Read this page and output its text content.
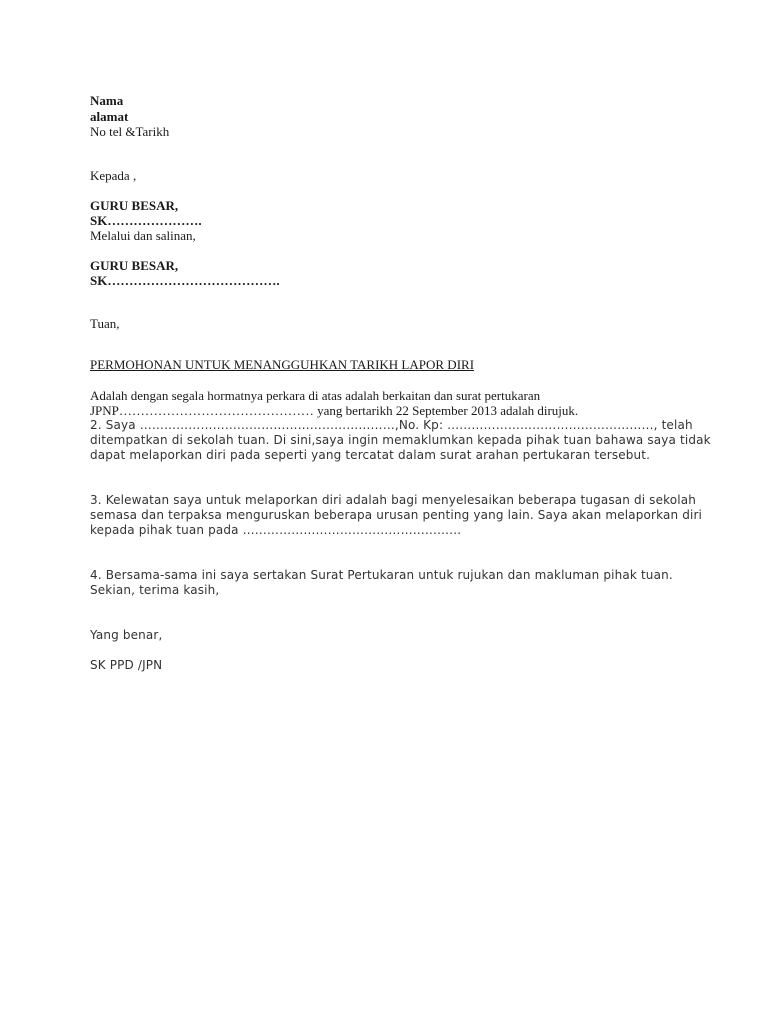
Nama
alamat
No tel &Tarikh
Kepada ,
GURU BESAR,
SK………………….
Melalui dan salinan,
GURU BESAR,
SK………………………………….
Tuan,
PERMOHONAN UNTUK MENANGGUHKAN TARIKH LAPOR DIRI
Adalah dengan segala hormatnya perkara di atas adalah berkaitan dan surat pertukaran
JPNP……………………………………… yang bertarikh 22 September 2013 adalah dirujuk.
2. Saya ………………………………………………………,No. Kp: ……………………………………………, telah
ditempatkan di sekolah tuan. Di sini,saya ingin memaklumkan kepada pihak tuan bahawa saya tidak
dapat melaporkan diri pada seperti yang tercatat dalam surat arahan pertukaran tersebut.
3. Kelewatan saya untuk melaporkan diri adalah bagi menyelesaikan beberapa tugasan di sekolah
semasa dan terpaksa menguruskan beberapa urusan penting yang lain. Saya akan melaporkan diri
kepada pihak tuan pada ………………………………………………
4. Bersama-sama ini saya sertakan Surat Pertukaran untuk rujukan dan makluman pihak tuan.
Sekian, terima kasih,
Yang benar,
SK PPD /JPN
